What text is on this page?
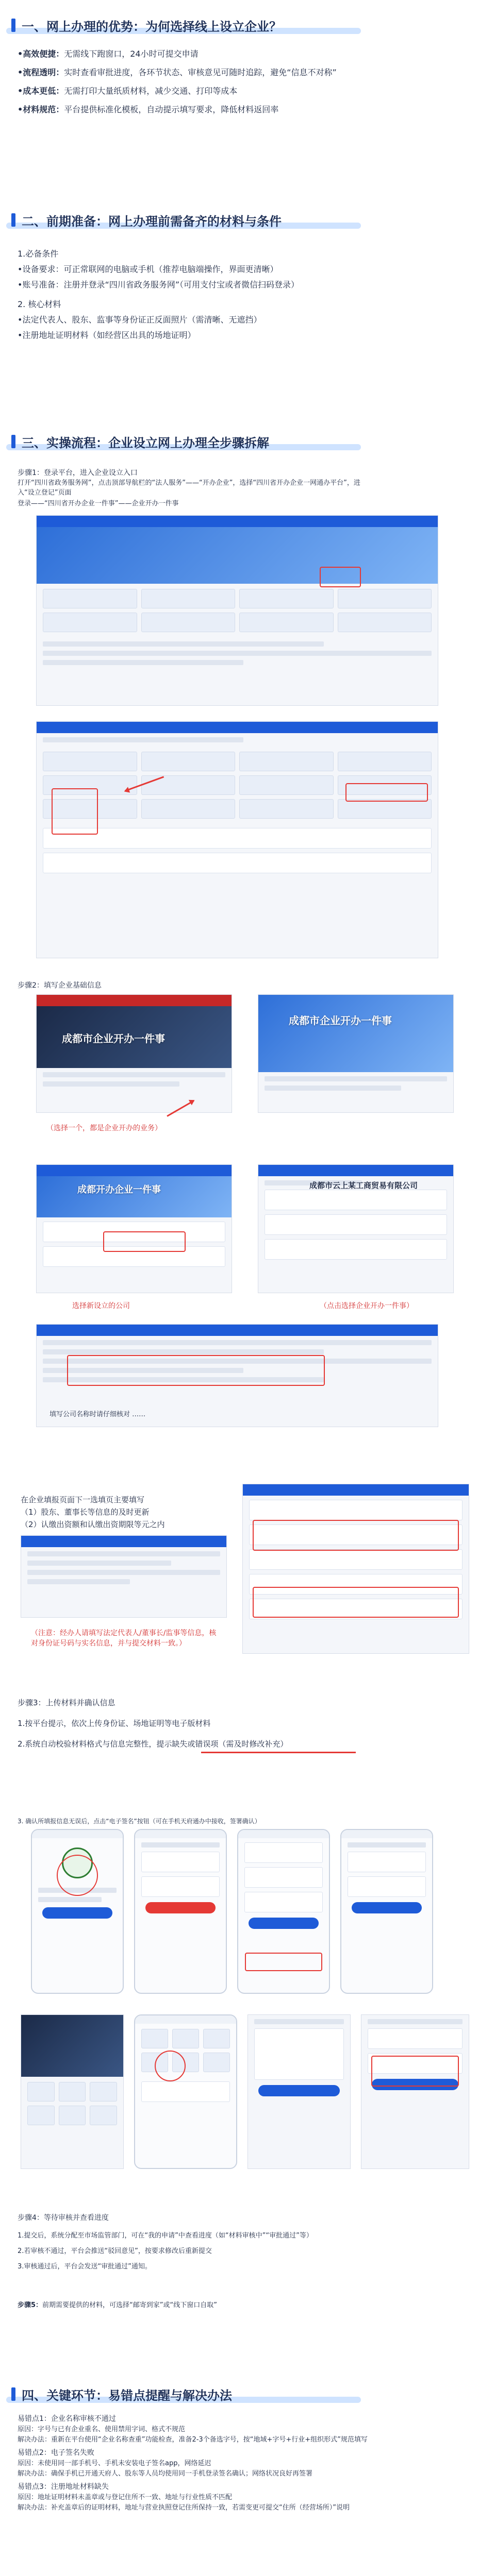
一、网上办理的优势：为何选择线上设立企业？

•高效便捷：无需线下跑窗口，24小时可提交申请

•流程透明：实时查看审批进度，各环节状态、审核意见可随时追踪，避免“信息不对称”

•成本更低：无需打印大量纸质材料，减少交通、打印等成本

•材料规范：平台提供标准化模板，自动提示填写要求，降低材料返回率

二、前期准备：网上办理前需备齐的材料与条件

1.必备条件

•设备要求：可正常联网的电脑或手机（推荐电脑端操作，界面更清晰）

•账号准备：注册并登录“四川省政务服务网”（可用支付宝或者微信扫码登录）

2. 核心材料

•法定代表人、股东、监事等身份证正反面照片（需清晰、无遮挡）

•注册地址证明材料（如经营区出具的场地证明）

三、实操流程：企业设立网上办理全步骤拆解

步骤1：登录平台，进入企业设立入口

打开“四川省政务服务网”，点击顶部导航栏的“法人服务”——“开办企业”，选择“四川省开办企业一网通办平台”，进入“设立登记”页面

登录——“四川省开办企业一件事”——企业开办一件事

步骤2：填写企业基础信息

成都市企业开办一件事
成都市企业开办一件事

（选择一个，都是企业开办的业务）

成都开办企业一件事

选择新设立的公司

成都市云上某工商贸易有限公司

（点击选择企业开办一件事）

填写公司名称时请仔细核对 ……

在企业填报页面下一选填页主要填写

（1）股东、董事长等信息的及时更新

（2）认缴出资额和认缴出资期限等元之内

（注意：经办人请填写法定代表人/董事长/监事等信息，核对身份证号码与实名信息，并与提交材料一致。）

步骤3：上传材料并确认信息

1.按平台提示，依次上传身份证、场地证明等电子版材料

2.系统自动校验材料格式与信息完整性，提示缺失或错误项（需及时修改补充）

3. 确认所填报信息无误后，点击“电子签名”按钮（可在手机天府通办中接收，签署确认）

步骤4：等待审核并查看进度

1.提交后，系统分配至市场监管部门，可在“我的申请”中查看进度（如“材料审核中”“审批通过”等）

2.若审核不通过，平台会推送“驳回意见”，按要求修改后重新提交

3.审核通过后，平台会发送“审批通过”通知。

步骤5：前期需要提供的材料，可选择“邮寄到家”或“线下窗口自取”

四、关键环节：易错点提醒与解决办法

易错点1：企业名称审核不通过

原因：字号与已有企业重名、使用禁用字词、格式不规范

解决办法：重新在平台使用“企业名称查重”功能检查，准备2-3个备选字号，按“地域+字号+行业+组织形式”规范填写

易错点2：电子签名失败

原因：未使用同一部手机号、手机未安装电子签名app，网络延迟

解决办法：确保手机已开通天府人、股东等人员均使用同一手机登录签名确认；网络状况良好再签署

易错点3：注册地址材料缺失

原因：地址证明材料未盖章或与登记住所不一致、地址与行业性质不匹配

解决办法：补充盖章后的证明材料，地址与营业执照登记住所保持一致，若需变更可提交“住所（经营场所）”说明
